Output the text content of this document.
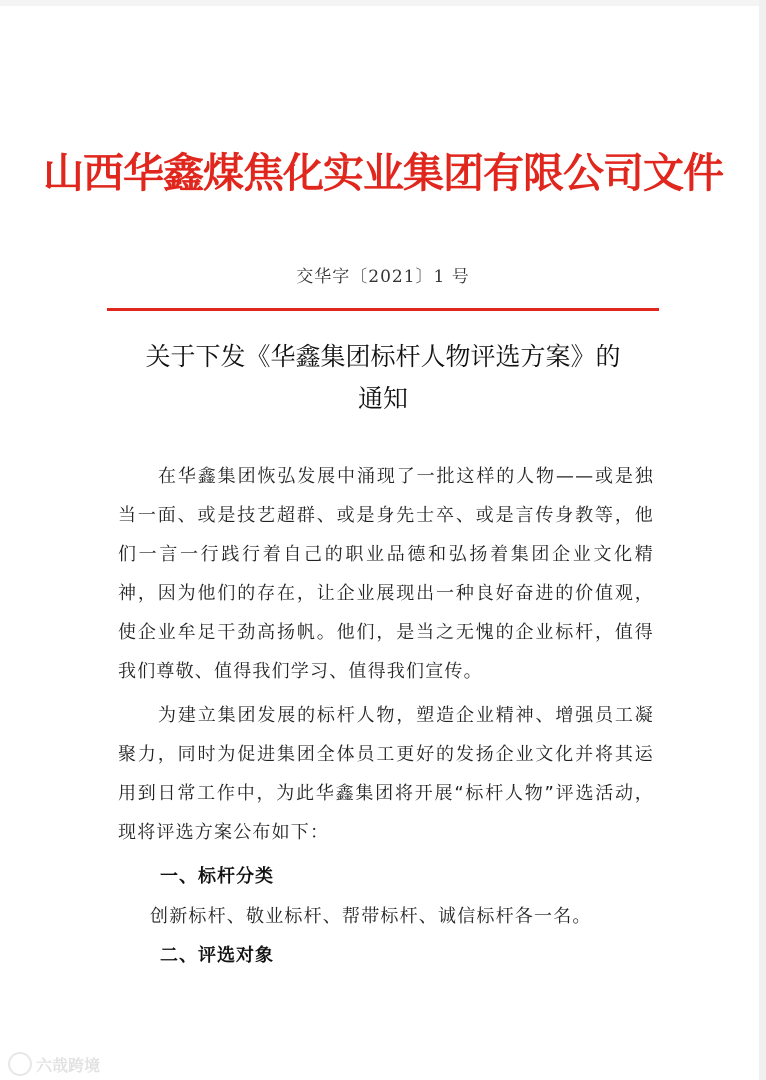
山西华鑫煤焦化实业集团有限公司文件
交华字〔2021〕1 号
关于下发《华鑫集团标杆人物评选方案》的
通知
在华鑫集团恢弘发展中涌现了一批这样的人物——或是独当一面、或是技艺超群、或是身先士卒、或是言传身教等，他们一言一行践行着自己的职业品德和弘扬着集团企业文化精神，因为他们的存在，让企业展现出一种良好奋进的价值观，使企业牟足干劲高扬帆。他们，是当之无愧的企业标杆，值得我们尊敬、值得我们学习、值得我们宣传。
为建立集团发展的标杆人物，塑造企业精神、增强员工凝聚力，同时为促进集团全体员工更好的发扬企业文化并将其运用到日常工作中，为此华鑫集团将开展“标杆人物”评选活动，现将评选方案公布如下：
一、标杆分类
创新标杆、敬业标杆、帮带标杆、诚信标杆各一名。
二、评选对象
六哉跨境
